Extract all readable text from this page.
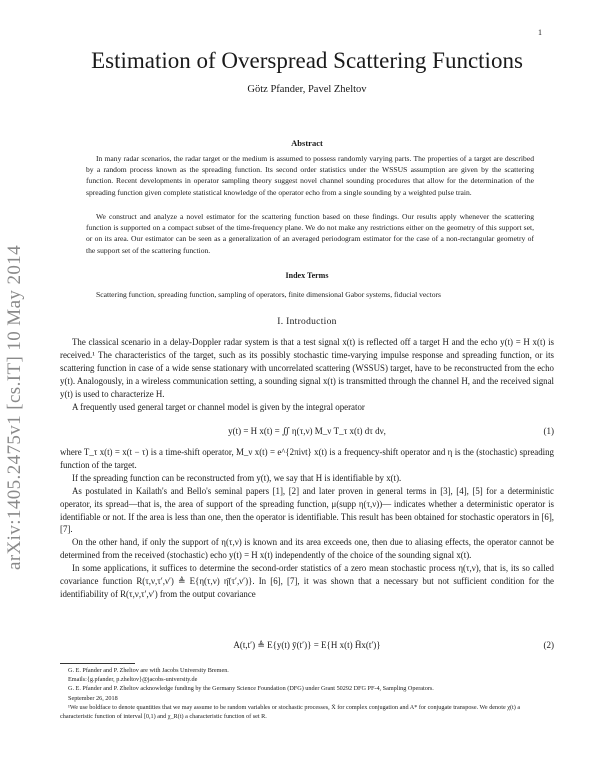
1
arXiv:1405.2475v1 [cs.IT] 10 May 2014
Estimation of Overspread Scattering Functions
Götz Pfander, Pavel Zheltov
Abstract

In many radar scenarios, the radar target or the medium is assumed to possess randomly varying parts. The properties of a target are described by a random process known as the spreading function. Its second order statistics under the WSSUS assumption are given by the scattering function. Recent developments in operator sampling theory suggest novel channel sounding procedures that allow for the determination of the spreading function given complete statistical knowledge of the operator echo from a single sounding by a weighted pulse train.

We construct and analyze a novel estimator for the scattering function based on these findings. Our results apply whenever the scattering function is supported on a compact subset of the time-frequency plane. We do not make any restrictions either on the geometry of this support set, or on its area. Our estimator can be seen as a generalization of an averaged periodogram estimator for the case of a non-rectangular geometry of the support set of the scattering function.

Index Terms
Scattering function, spreading function, sampling of operators, finite dimensional Gabor systems, fiducial vectors
I. Introduction

The classical scenario in a delay-Doppler radar system is that a test signal x(t) is reflected off a target H and the echo y(t) = H x(t) is received.¹ The characteristics of the target, such as its possibly stochastic time-varying impulse response and spreading function, or its scattering function in case of a wide sense stationary with uncorrelated scattering (WSSUS) target, have to be reconstructed from the echo y(t). Analogously, in a wireless communication setting, a sounding signal x(t) is transmitted through the channel H, and the received signal y(t) is used to characterize H.

A frequently used general target or channel model is given by the integral operator

y(t) = H x(t) = ∬ η(τ,ν) M_ν T_τ x(t) dτ dν,	(1)

where T_τ x(t) = x(t − τ) is a time-shift operator, M_ν x(t) = e^{2πiνt} x(t) is a frequency-shift operator and η is the (stochastic) spreading function of the target.

If the spreading function can be reconstructed from y(t), we say that H is identifiable by x(t).

As postulated in Kailath's and Bello's seminal papers [1], [2] and later proven in general terms in [3], [4], [5] for a deterministic operator, its spread—that is, the area of support of the spreading function, μ(supp η(τ,ν))— indicates whether a deterministic operator is identifiable or not. If the area is less than one, then the operator is identifiable. This result has been obtained for stochastic operators in [6], [7].

On the other hand, if only the support of η(τ,ν) is known and its area exceeds one, then due to aliasing effects, the operator cannot be determined from the received (stochastic) echo y(t) = H x(t) independently of the choice of the sounding signal x(t).

In some applications, it suffices to determine the second-order statistics of a zero mean stochastic process η(τ,ν), that is, its so called covariance function R(τ,ν,τ′,ν′) ≜ E{η(τ,ν) η̄(τ′,ν′)}. In [6], [7], it was shown that a necessary but not sufficient condition for the identifiability of R(τ,ν,τ′,ν′) from the output covariance

A(t,t′) ≜ E{y(t) ȳ(t′)} = E{H x(t) H̄x(t′)}	(2)

G. E. Pfander and P. Zheltov are with Jacobs University Bremen.

Emails:{g.pfander, p.zheltov}@jacobs-university.de

G. E. Pfander and P. Zheltov acknowledge funding by the Germany Science Foundation (DFG) under Grant 50292 DFG PF-4, Sampling Operators.

September 26, 2018

¹We use boldface to denote quantities that we may assume to be random variables or stochastic processes, X̄ for complex conjugation and A* for conjugate transpose. We denote χ(t) a characteristic function of interval [0,1) and χ_R(t) a characteristic function of set R.
